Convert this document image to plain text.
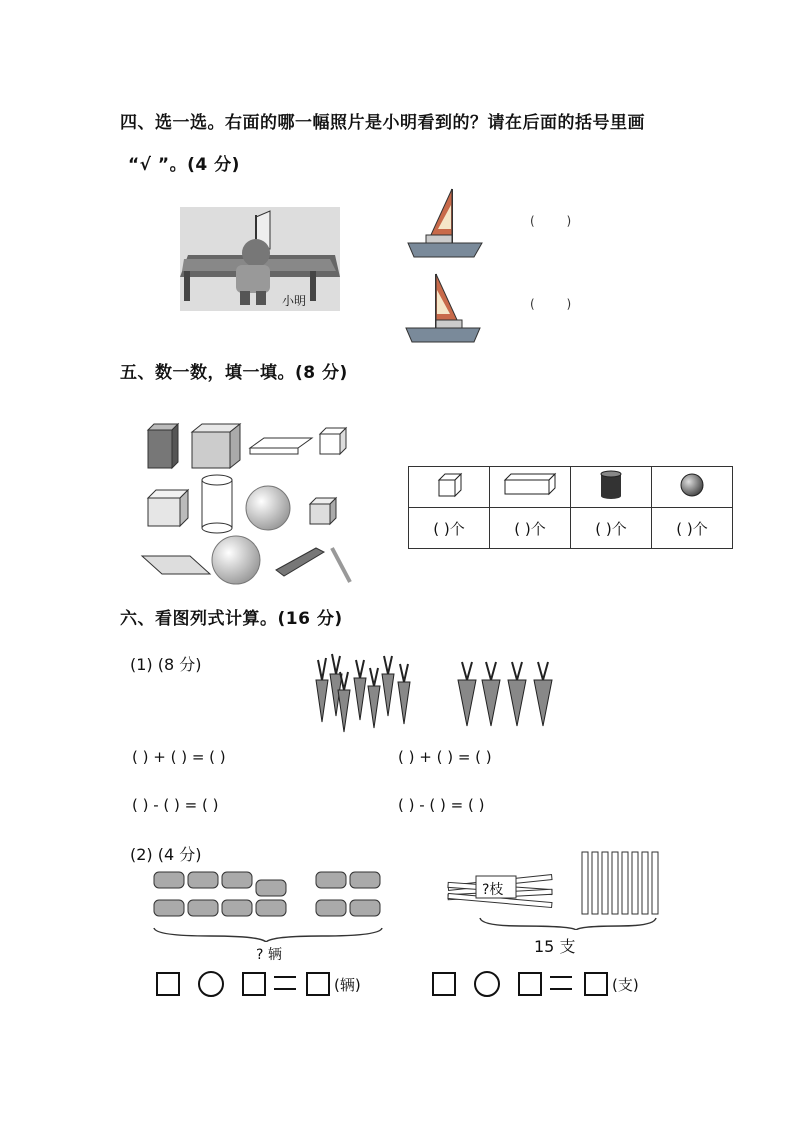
四、选一选。右面的哪一幅照片是小明看到的？请在后面的括号里画
“√ ”。(4 分)
小明
( )
( )
五、数一数，填一填。(8 分)

( )个	( )个	( )个	( )个
六、看图列式计算。(16 分)
(1) (8 分)
( ) + ( ) = ( )	( ) + ( ) = ( )
( ) - ( ) = ( )	( ) - ( ) = ( )
(2) (4 分)
? 辆
?枝
15 支
(辆)	(支)
